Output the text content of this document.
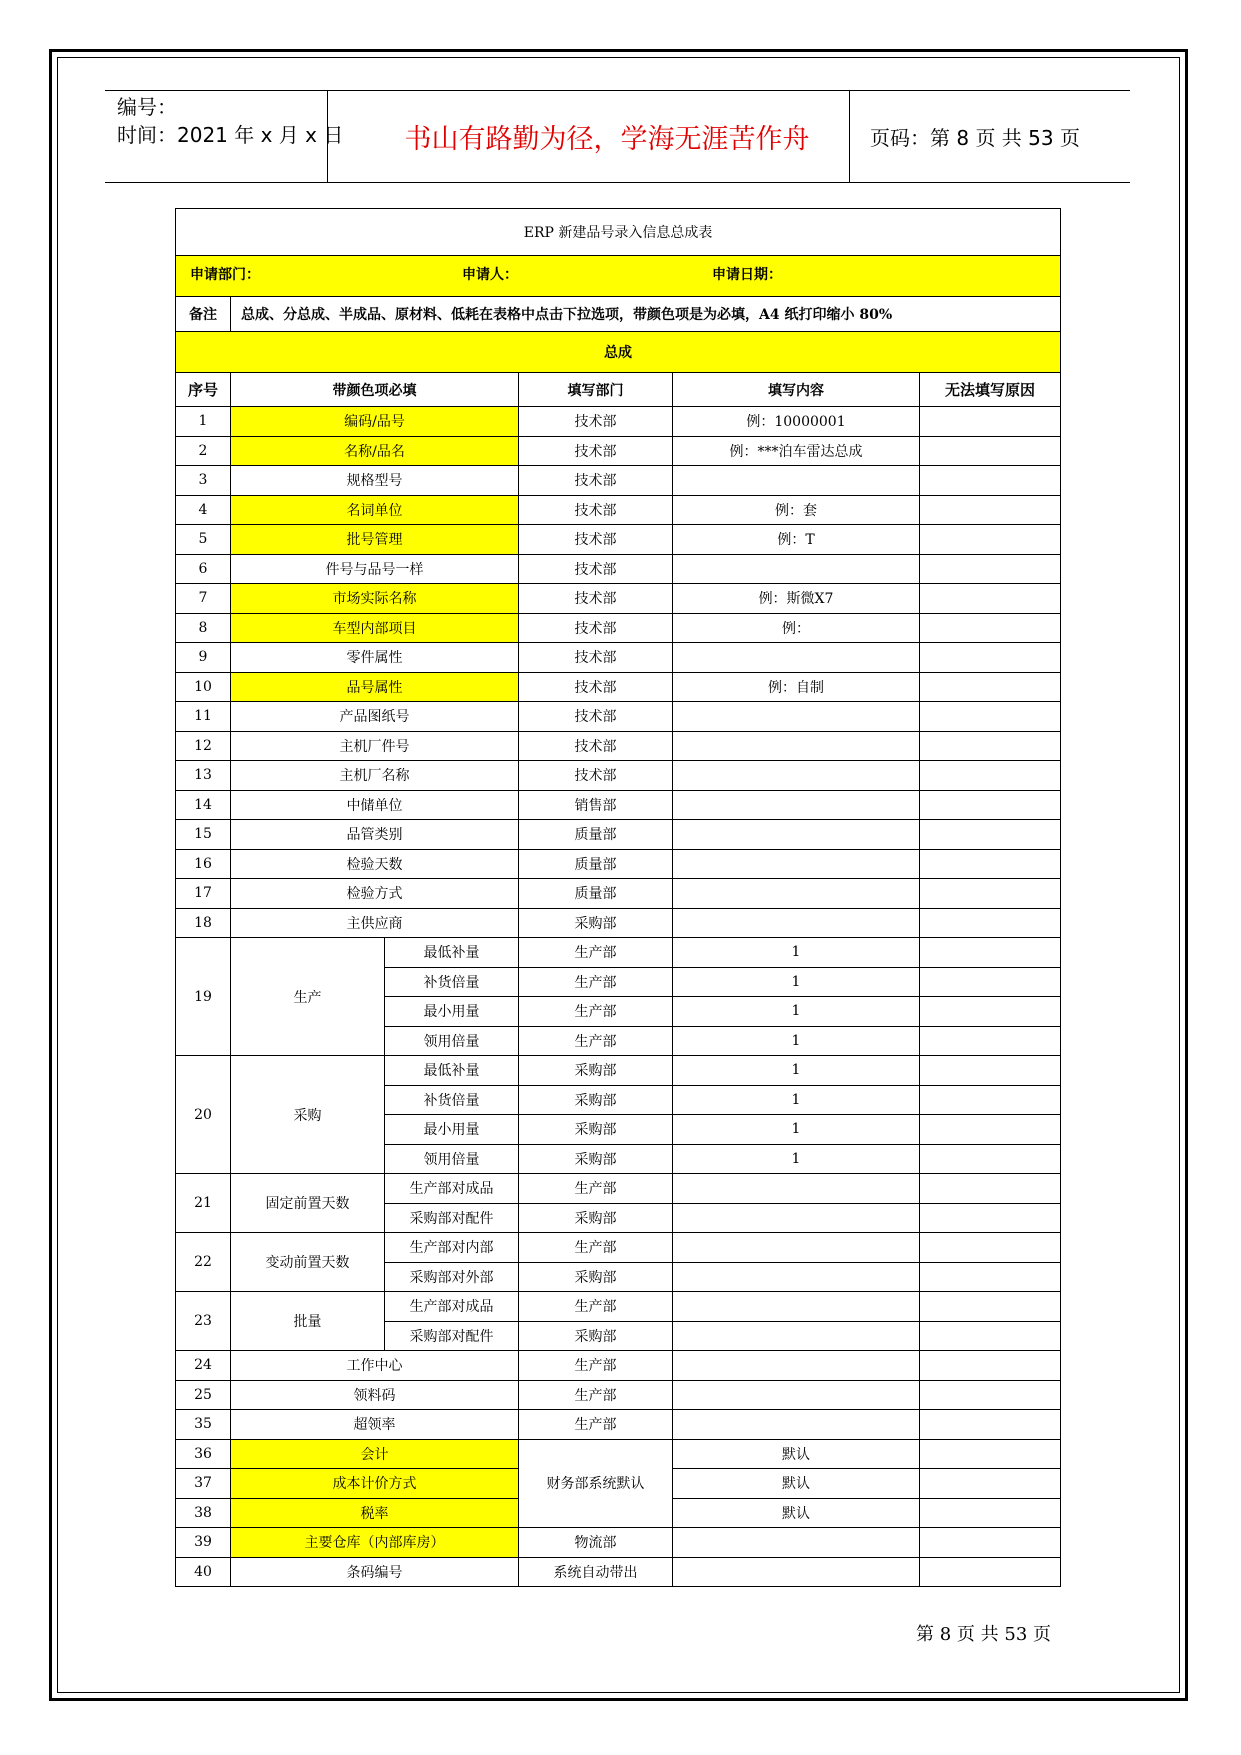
编号：
时间：2021 年 x 月 x 日	书山有路勤为径，学海无涯苦作舟	页码：第 8 页 共 53 页
ERP 新建品号录入信息总成表					

申请部门： 申请人： 申请日期：					

备注	总成、分总成、半成品、原材料、低耗在表格中点击下拉选项，带颜色项是为必填，A4 纸打印缩小 80%				
总成					
序号	带颜色项必填		填写部门	填写内容	无法填写原因
1	编码/品号		技术部	例：10000001	
2	名称/品名		技术部	例：***泊车雷达总成	
3	规格型号		技术部		
4	名词单位		技术部	例：套	
5	批号管理		技术部	例：T	
6	件号与品号一样		技术部		
7	市场实际名称		技术部	例：斯微X7	
8	车型内部项目		技术部	例：	
9	零件属性		技术部		
10	品号属性		技术部	例：自制	
11	产品图纸号		技术部		
12	主机厂件号		技术部		
13	主机厂名称		技术部		
14	中储单位		销售部		
15	品管类别		质量部		
16	检验天数		质量部		
17	检验方式		质量部		
18	主供应商		采购部		
19	生产	最低补量	生产部	1	
		补货倍量	生产部	1	
		最小用量	生产部	1	
		领用倍量	生产部	1	
20	采购	最低补量	采购部	1	
		补货倍量	采购部	1	
		最小用量	采购部	1	
		领用倍量	采购部	1	
21	固定前置天数	生产部对成品	生产部		
		采购部对配件	采购部		
22	变动前置天数	生产部对内部	生产部		
		采购部对外部	采购部		
23	批量	生产部对成品	生产部		
		采购部对配件	采购部		
24	工作中心		生产部		
25	领料码		生产部		
35	超领率		生产部		
36	会计		财务部系统默认	默认	
37	成本计价方式			默认	
38	税率			默认	
39	主要仓库（内部库房）		物流部		
40	条码编号		系统自动带出		
第 8 页 共 53 页
